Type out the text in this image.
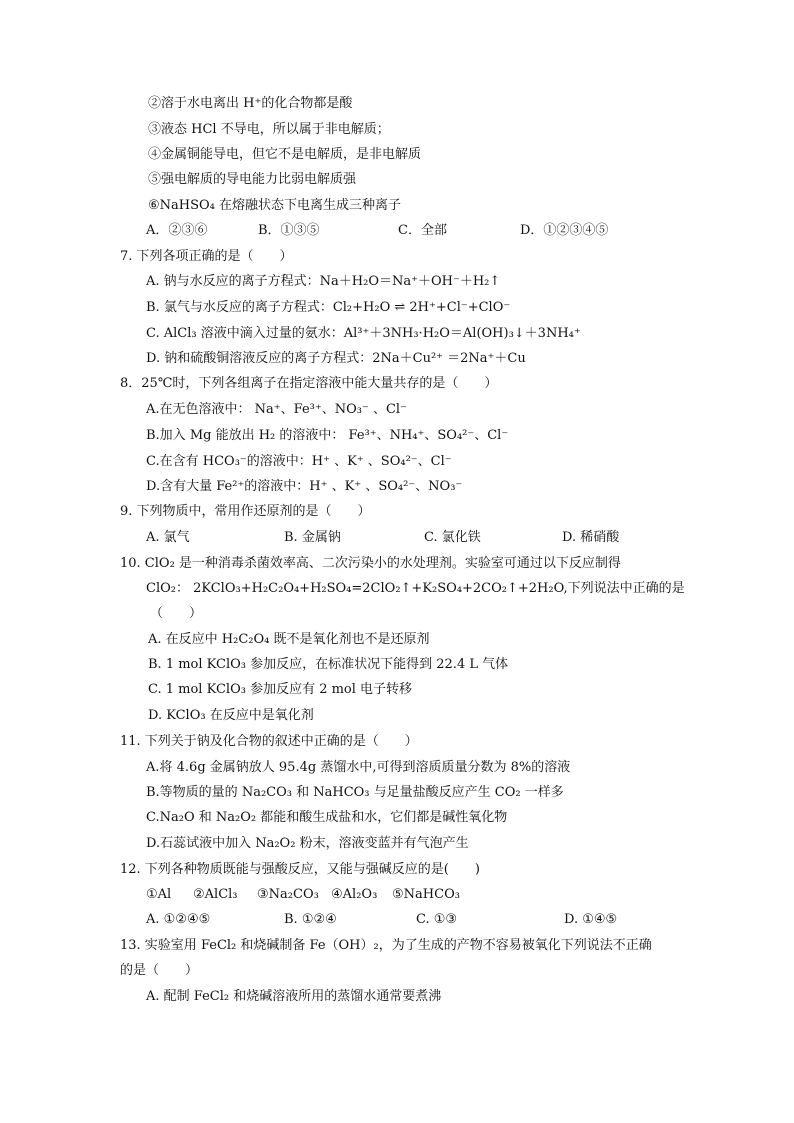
②溶于水电离出 H⁺的化合物都是酸
③液态 HCl 不导电，所以属于非电解质；
④金属铜能导电，但它不是电解质，是非电解质
⑤强电解质的导电能力比弱电解质强
⑥NaHSO₄ 在熔融状态下电离生成三种离子
A．②③⑥	B．①③⑤	C．全部	D．①②③④⑤
7. 下列各项正确的是（　　）
A. 钠与水反应的离子方程式：Na＋H₂O＝Na⁺＋OH⁻＋H₂↑
B. 氯气与水反应的离子方程式：Cl₂+H₂O ⇌ 2H⁺+Cl⁻+ClO⁻
C. AlCl₃ 溶液中滴入过量的氨水：Al³⁺＋3NH₃·H₂O＝Al(OH)₃↓＋3NH₄⁺
D. 钠和硫酸铜溶液反应的离子方程式：2Na＋Cu²⁺ ＝2Na⁺＋Cu
8．25℃时，下列各组离子在指定溶液中能大量共存的是（　　）
A.在无色溶液中： Na⁺、Fe³⁺、NO₃⁻ 、Cl⁻
B.加入 Mg 能放出 H₂ 的溶液中： Fe³⁺、NH₄⁺、SO₄²⁻、Cl⁻
C.在含有 HCO₃⁻的溶液中：H⁺ 、K⁺ 、SO₄²⁻、Cl⁻
D.含有大量 Fe²⁺的溶液中：H⁺ 、K⁺ 、SO₄²⁻、NO₃⁻
9. 下列物质中，常用作还原剂的是（　　）
A. 氯气	B. 金属钠	C. 氯化铁	D. 稀硝酸
10. ClO₂ 是一种消毒杀菌效率高、二次污染小的水处理剂。实验室可通过以下反应制得
ClO₂： 2KClO₃+H₂C₂O₄+H₂SO₄=2ClO₂↑+K₂SO₄+2CO₂↑+2H₂O,下列说法中正确的是
（　　）
A. 在反应中 H₂C₂O₄ 既不是氧化剂也不是还原剂
B. 1 mol KClO₃ 参加反应，在标准状况下能得到 22.4 L 气体
C. 1 mol KClO₃ 参加反应有 2 mol 电子转移
D. KClO₃ 在反应中是氧化剂
11. 下列关于钠及化合物的叙述中正确的是（　　）
A.将 4.6g 金属钠放人 95.4g 蒸馏水中,可得到溶质质量分数为 8%的溶液
B.等物质的量的 Na₂CO₃ 和 NaHCO₃ 与足量盐酸反应产生 CO₂ 一样多
C.Na₂O 和 Na₂O₂ 都能和酸生成盐和水，它们都是碱性氧化物
D.石蕊试液中加入 Na₂O₂ 粉末，溶液变蓝并有气泡产生
12. 下列各种物质既能与强酸反应，又能与强碱反应的是(　　)
①Al ②AlCl₃ ③Na₂CO₃ ④Al₂O₃ ⑤NaHCO₃
A. ①②④⑤	B. ①②④	C. ①③	D. ①④⑤
13. 实验室用 FeCl₂ 和烧碱制备 Fe（OH）₂，为了生成的产物不容易被氧化下列说法不正确
的是（　　）
A. 配制 FeCl₂ 和烧碱溶液所用的蒸馏水通常要煮沸
